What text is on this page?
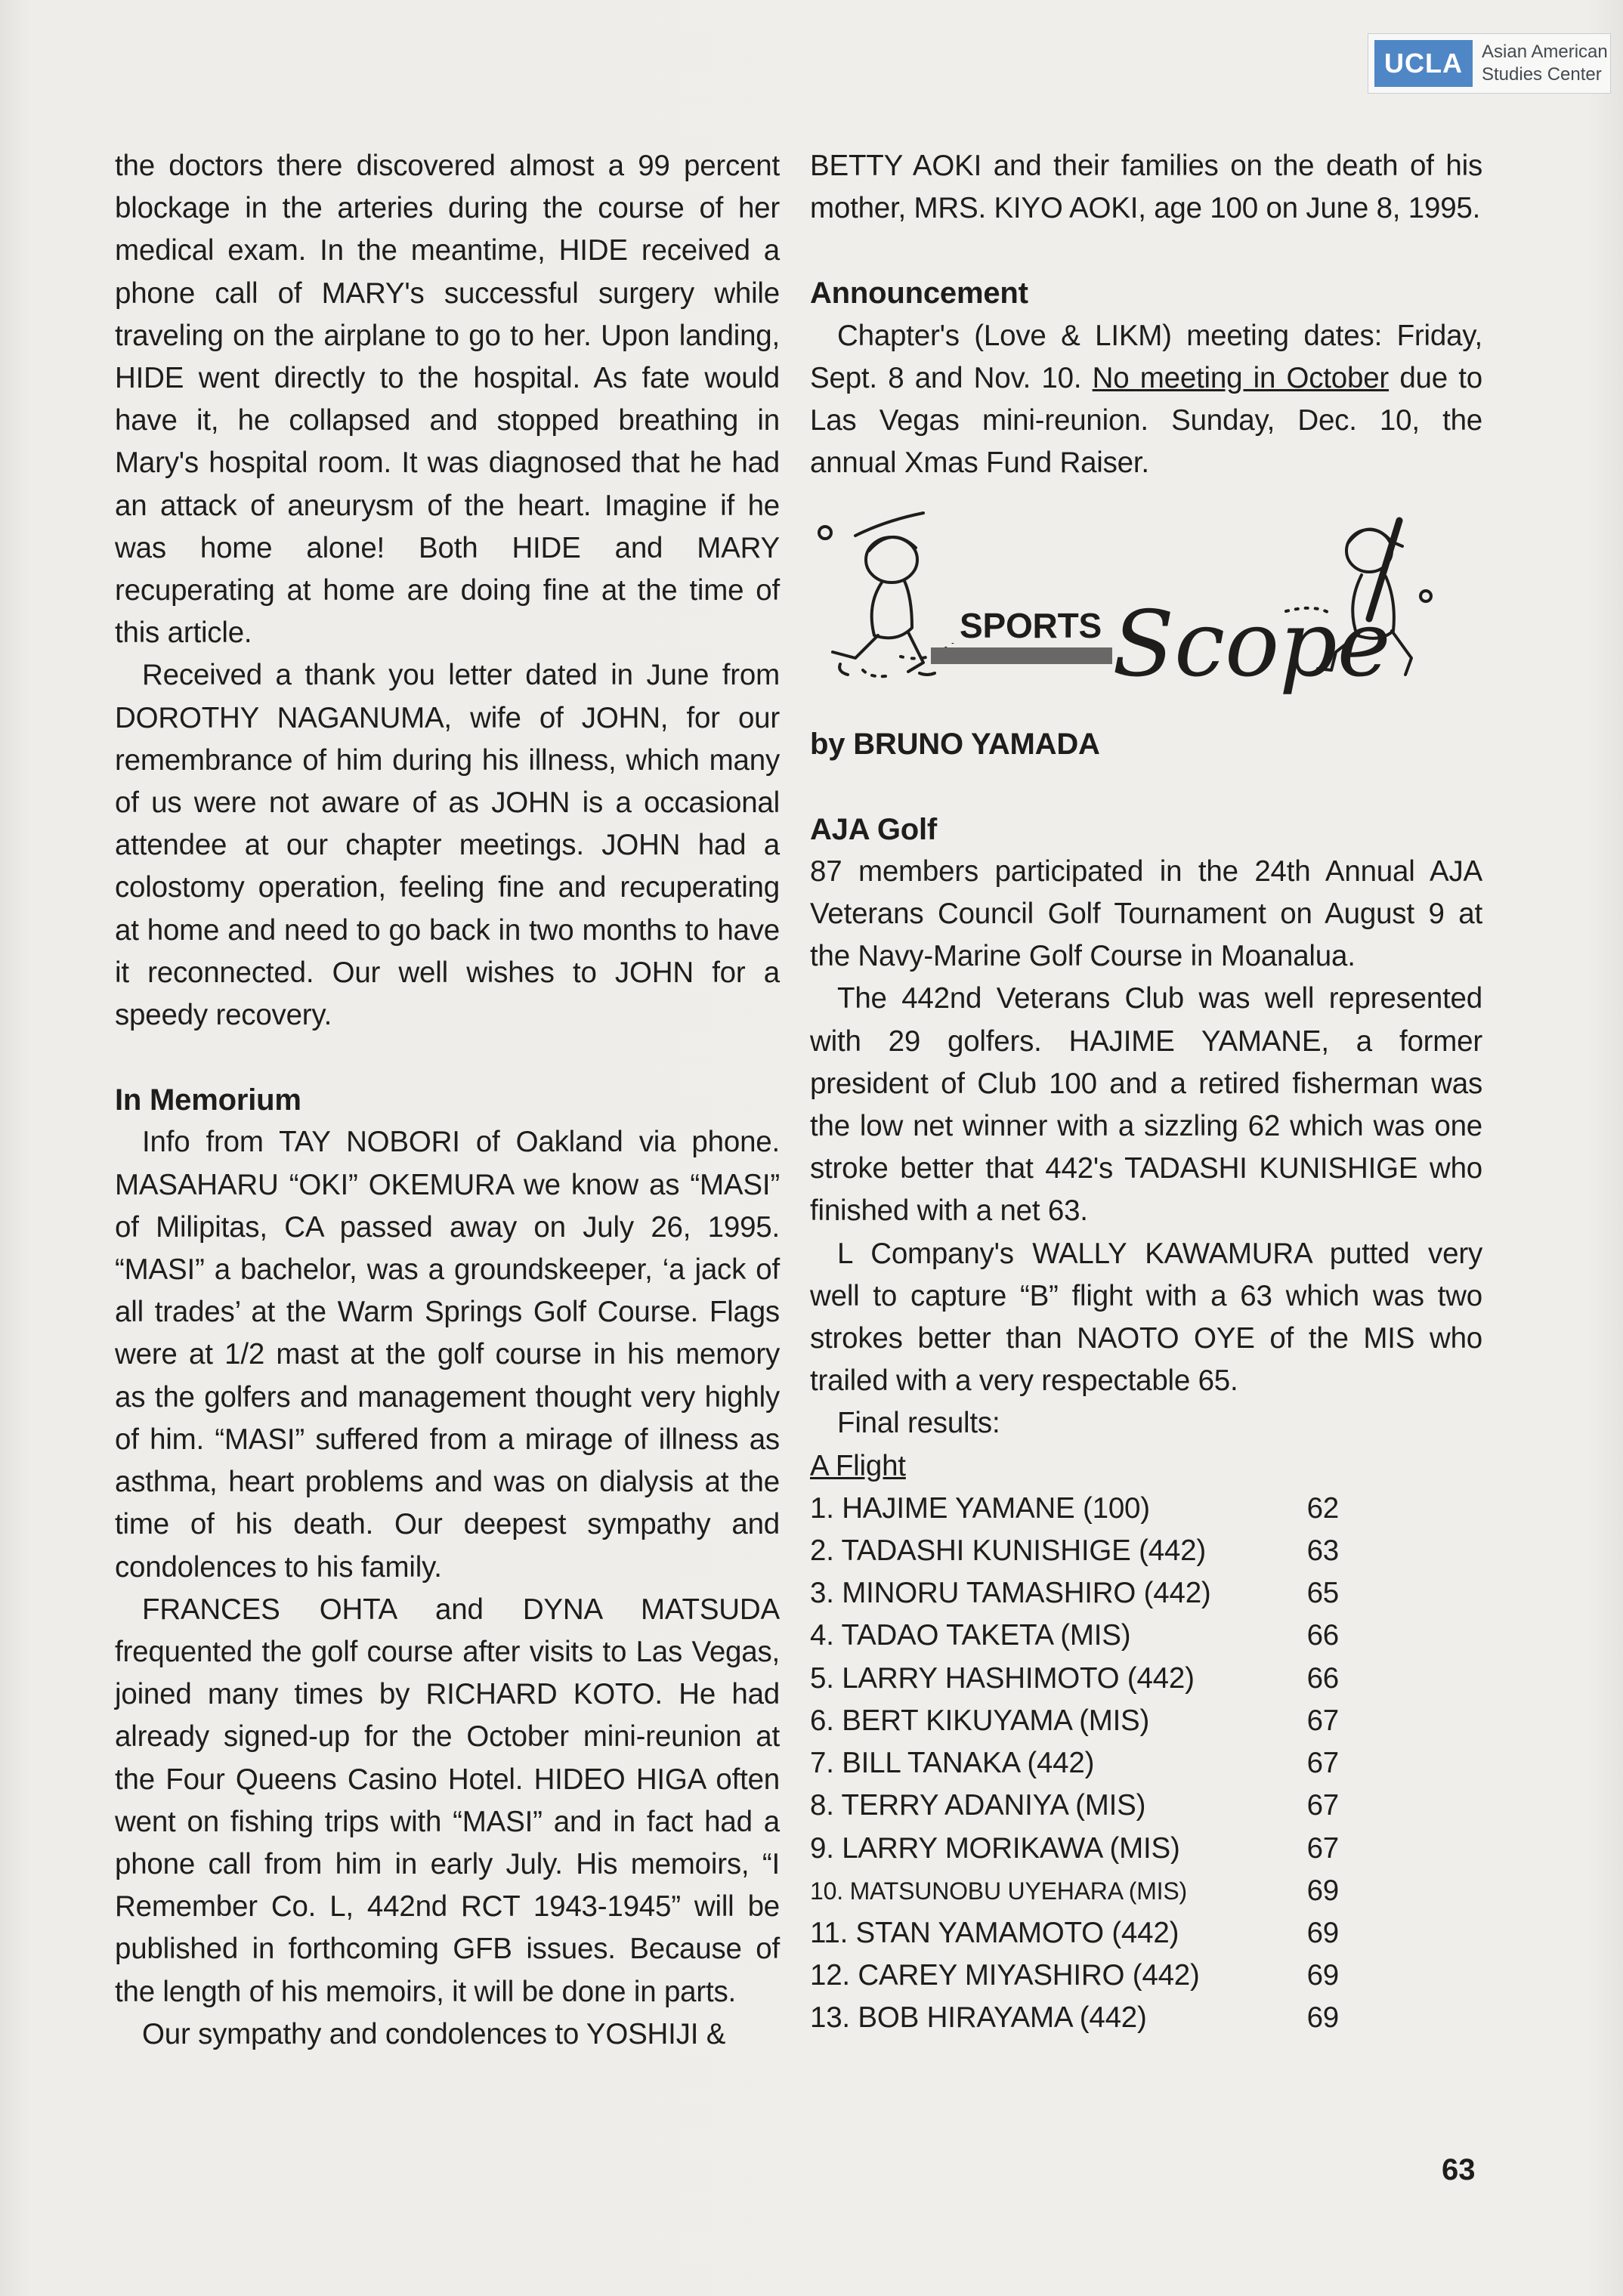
UCLA	Asian American
Studies Center

the doctors there discovered almost a 99 percent blockage in the arteries during the course of her medical exam. In the meantime, HIDE received a phone call of MARY's successful surgery while traveling on the airplane to go to her. Upon landing, HIDE went directly to the hospital. As fate would have it, he collapsed and stopped breathing in Mary's hospital room. It was diagnosed that he had an attack of aneurysm of the heart. Imagine if he was home alone! Both HIDE and MARY recuperating at home are doing fine at the time of this article.

Received a thank you letter dated in June from DOROTHY NAGANUMA, wife of JOHN, for our remembrance of him during his illness, which many of us were not aware of as JOHN is a occasional attendee at our chapter meetings. JOHN had a colostomy operation, feeling fine and recuperating at home and need to go back in two months to have it reconnected. Our well wishes to JOHN for a speedy recovery.

In Memorium

Info from TAY NOBORI of Oakland via phone. MASAHARU “OKI” OKEMURA we know as “MASI” of Milipitas, CA passed away on July 26, 1995. “MASI” a bachelor, was a groundskeeper, ‘a jack of all trades’ at the Warm Springs Golf Course. Flags were at 1/2 mast at the golf course in his memory as the golfers and management thought very highly of him. “MASI” suffered from a mirage of illness as asthma, heart problems and was on dialysis at the time of his death. Our deepest sympathy and condolences to his family.

FRANCES OHTA and DYNA MATSUDA frequented the golf course after visits to Las Vegas, joined many times by RICHARD KOTO. He had already signed-up for the October mini-reunion at the Four Queens Casino Hotel. HIDEO HIGA often went on fishing trips with “MASI” and in fact had a phone call from him in early July. His memoirs, “I Remember Co. L, 442nd RCT 1943-1945” will be published in forthcoming GFB issues. Because of the length of his memoirs, it will be done in parts.

Our sympathy and condolences to YOSHIJI &

BETTY AOKI and their families on the death of his mother, MRS. KIYO AOKI, age 100 on June 8, 1995.

Announcement

Chapter's (Love & LIKM) meeting dates: Friday, Sept. 8 and Nov. 10. No meeting in October due to Las Vegas mini-reunion. Sunday, Dec. 10, the annual Xmas Fund Raiser.

SPORTS Scope

by BRUNO YAMADA

AJA Golf

87 members participated in the 24th Annual AJA Veterans Council Golf Tournament on August 9 at the Navy-Marine Golf Course in Moanalua.

The 442nd Veterans Club was well represented with 29 golfers. HAJIME YAMANE, a former president of Club 100 and a retired fisherman was the low net winner with a sizzling 62 which was one stroke better that 442's TADASHI KUNISHIGE who finished with a net 63.

L Company's WALLY KAWAMURA putted very well to capture “B” flight with a 63 which was two strokes better than NAOTO OYE of the MIS who trailed with a very respectable 65.

Final results:

A Flight

1. HAJIME YAMANE (100)	62
2. TADASHI KUNISHIGE (442)	63
3. MINORU TAMASHIRO (442)	65
4. TADAO TAKETA (MIS)	66
5. LARRY HASHIMOTO (442)	66
6. BERT KIKUYAMA (MIS)	67
7. BILL TANAKA (442)	67
8. TERRY ADANIYA (MIS)	67
9. LARRY MORIKAWA (MIS)	67
10. MATSUNOBU UYEHARA (MIS)	69
11. STAN YAMAMOTO (442)	69
12. CAREY MIYASHIRO (442)	69
13. BOB HIRAYAMA (442)	69
63
